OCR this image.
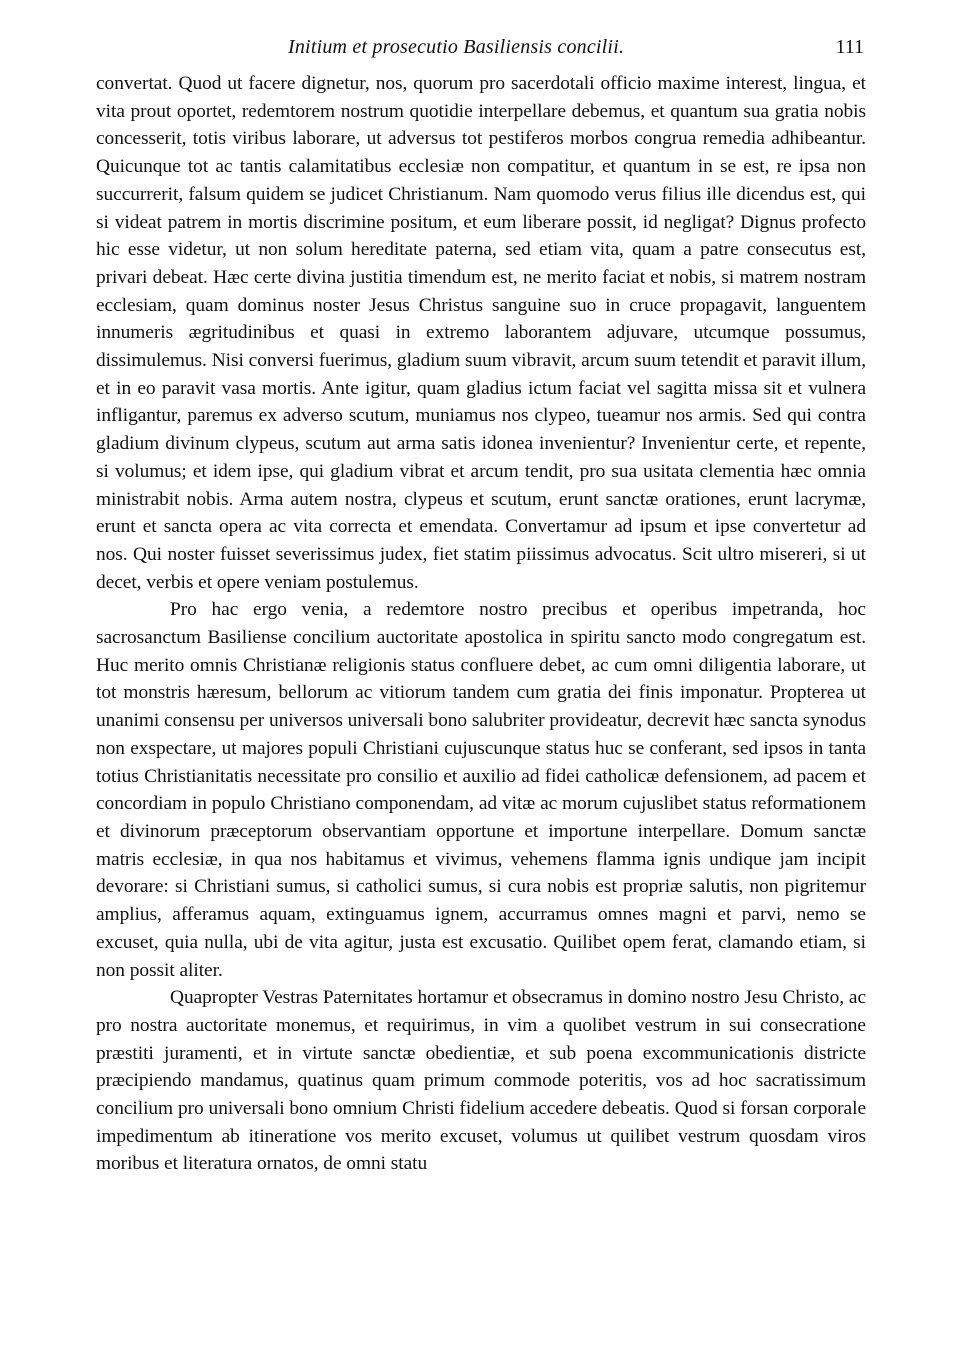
Initium et prosecutio Basiliensis concilii.	111

convertat. Quod ut facere dignetur, nos, quorum pro sacerdotali officio maxime interest, lingua, et vita prout oportet, redemtorem nostrum quotidie interpellare debemus, et quantum sua gratia nobis concesserit, totis viribus laborare, ut adversus tot pestiferos morbos congrua remedia adhibeantur. Quicunque tot ac tantis calamitatibus ecclesiæ non compatitur, et quantum in se est, re ipsa non succurrerit, falsum quidem se judicet Christianum. Nam quomodo verus filius ille dicendus est, qui si videat patrem in mortis discrimine positum, et eum liberare possit, id negligat? Dignus profecto hic esse videtur, ut non solum hereditate paterna, sed etiam vita, quam a patre consecutus est, privari debeat. Hæc certe divina justitia timendum est, ne merito faciat et nobis, si matrem nostram ecclesiam, quam dominus noster Jesus Christus sanguine suo in cruce propagavit, languentem innumeris ægritudinibus et quasi in extremo laborantem adjuvare, utcumque possumus, dissimulemus. Nisi conversi fuerimus, gladium suum vibravit, arcum suum tetendit et paravit illum, et in eo paravit vasa mortis. Ante igitur, quam gladius ictum faciat vel sagitta missa sit et vulnera infligantur, paremus ex adverso scutum, muniamus nos clypeo, tueamur nos armis. Sed qui contra gladium divinum clypeus, scutum aut arma satis idonea invenientur? Invenientur certe, et repente, si volumus; et idem ipse, qui gladium vibrat et arcum tendit, pro sua usitata clementia hæc omnia ministrabit nobis. Arma autem nostra, clypeus et scutum, erunt sanctæ orationes, erunt lacrymæ, erunt et sancta opera ac vita correcta et emendata. Convertamur ad ipsum et ipse convertetur ad nos. Qui noster fuisset severissimus judex, fiet statim piissimus advocatus. Scit ultro misereri, si ut decet, verbis et opere veniam postulemus.

Pro hac ergo venia, a redemtore nostro precibus et operibus impetranda, hoc sacrosanctum Basiliense concilium auctoritate apostolica in spiritu sancto modo congregatum est. Huc merito omnis Christianæ religionis status confluere debet, ac cum omni diligentia laborare, ut tot monstris hæresum, bellorum ac vitiorum tandem cum gratia dei finis imponatur. Propterea ut unanimi consensu per universos universali bono salubriter provideatur, decrevit hæc sancta synodus non exspectare, ut majores populi Christiani cujuscunque status huc se conferant, sed ipsos in tanta totius Christianitatis necessitate pro consilio et auxilio ad fidei catholicæ defensionem, ad pacem et concordiam in populo Christiano componendam, ad vitæ ac morum cujuslibet status reformationem et divinorum præceptorum observantiam opportune et importune interpellare. Domum sanctæ matris ecclesiæ, in qua nos habitamus et vivimus, vehemens flamma ignis undique jam incipit devorare: si Christiani sumus, si catholici sumus, si cura nobis est propriæ salutis, non pigritemur amplius, afferamus aquam, extinguamus ignem, accurramus omnes magni et parvi, nemo se excuset, quia nulla, ubi de vita agitur, justa est excusatio. Quilibet opem ferat, clamando etiam, si non possit aliter.

Quapropter Vestras Paternitates hortamur et obsecramus in domino nostro Jesu Christo, ac pro nostra auctoritate monemus, et requirimus, in vim a quolibet vestrum in sui consecratione præstiti juramenti, et in virtute sanctæ obedientiæ, et sub poena excommunicationis districte præcipiendo mandamus, quatinus quam primum commode poteritis, vos ad hoc sacratissimum concilium pro universali bono omnium Christi fidelium accedere debeatis. Quod si forsan corporale impedimentum ab itineratione vos merito excuset, volumus ut quilibet vestrum quosdam viros moribus et literatura ornatos, de omni statu
